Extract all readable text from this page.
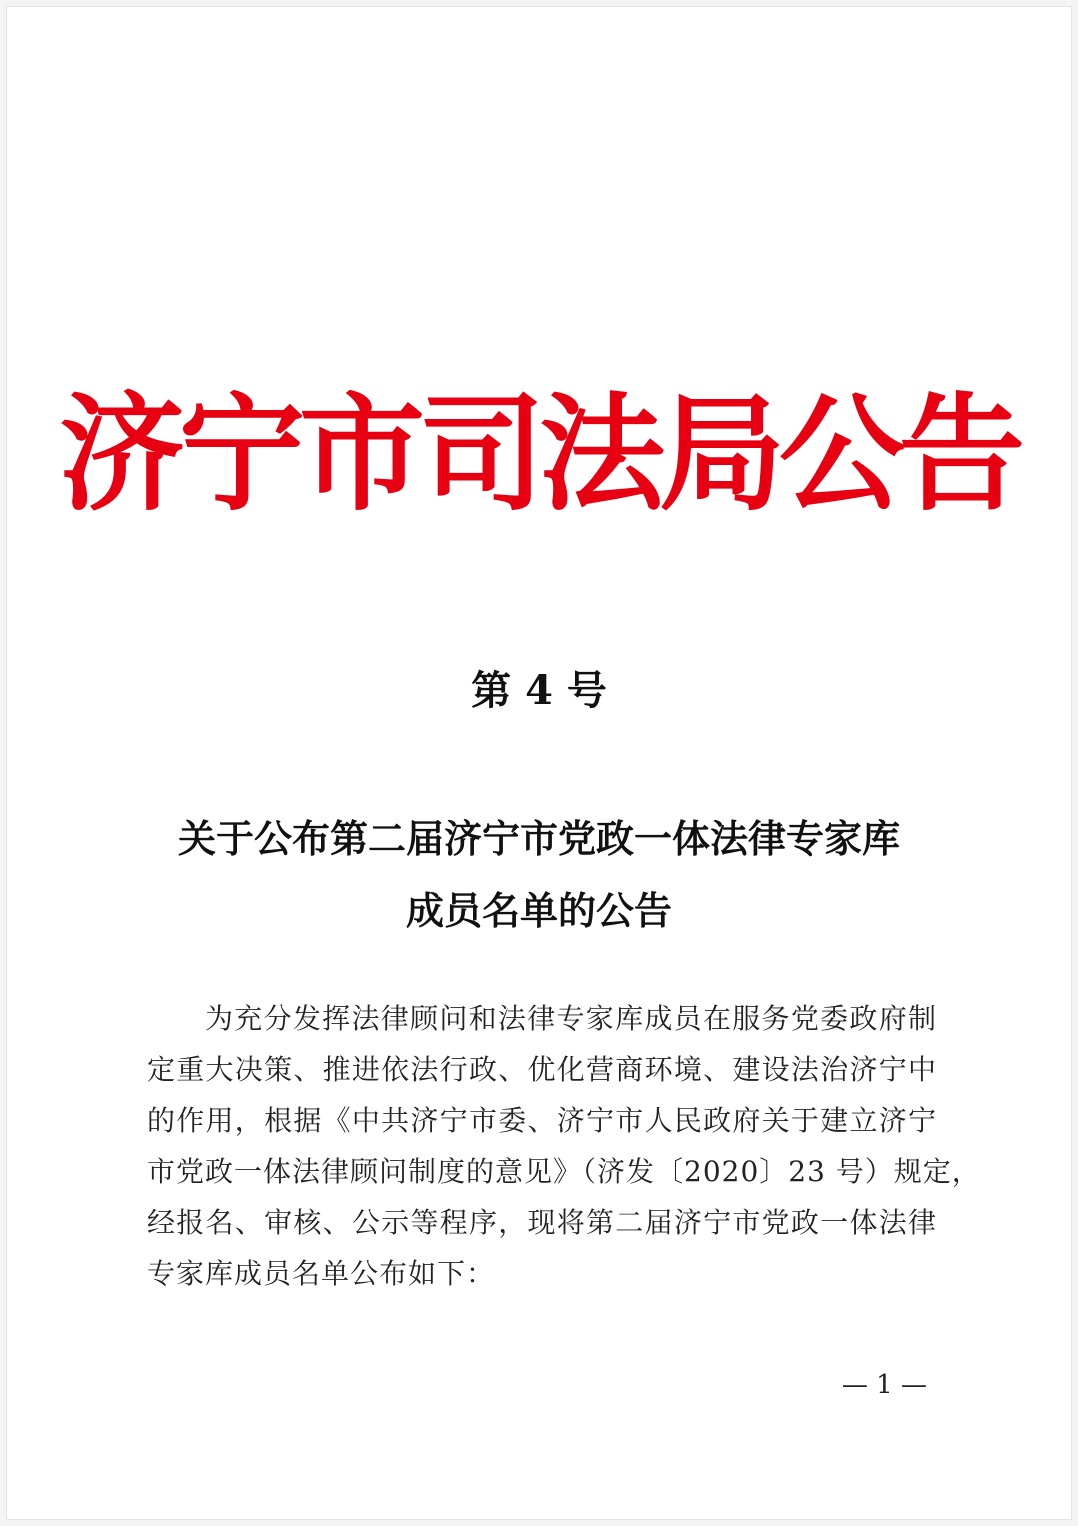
济宁市司法局公告
第 4 号
关于公布第二届济宁市党政一体法律专家库
成员名单的公告
为充分发挥法律顾问和法律专家库成员在服务党委政府制
定重大决策、推进依法行政、优化营商环境、建设法治济宁中
的作用，根据《中共济宁市委、济宁市人民政府关于建立济宁
市党政一体法律顾问制度的意见》（济发〔2020〕23 号）规定，
经报名、审核、公示等程序，现将第二届济宁市党政一体法律
专家库成员名单公布如下：
— 1 —
